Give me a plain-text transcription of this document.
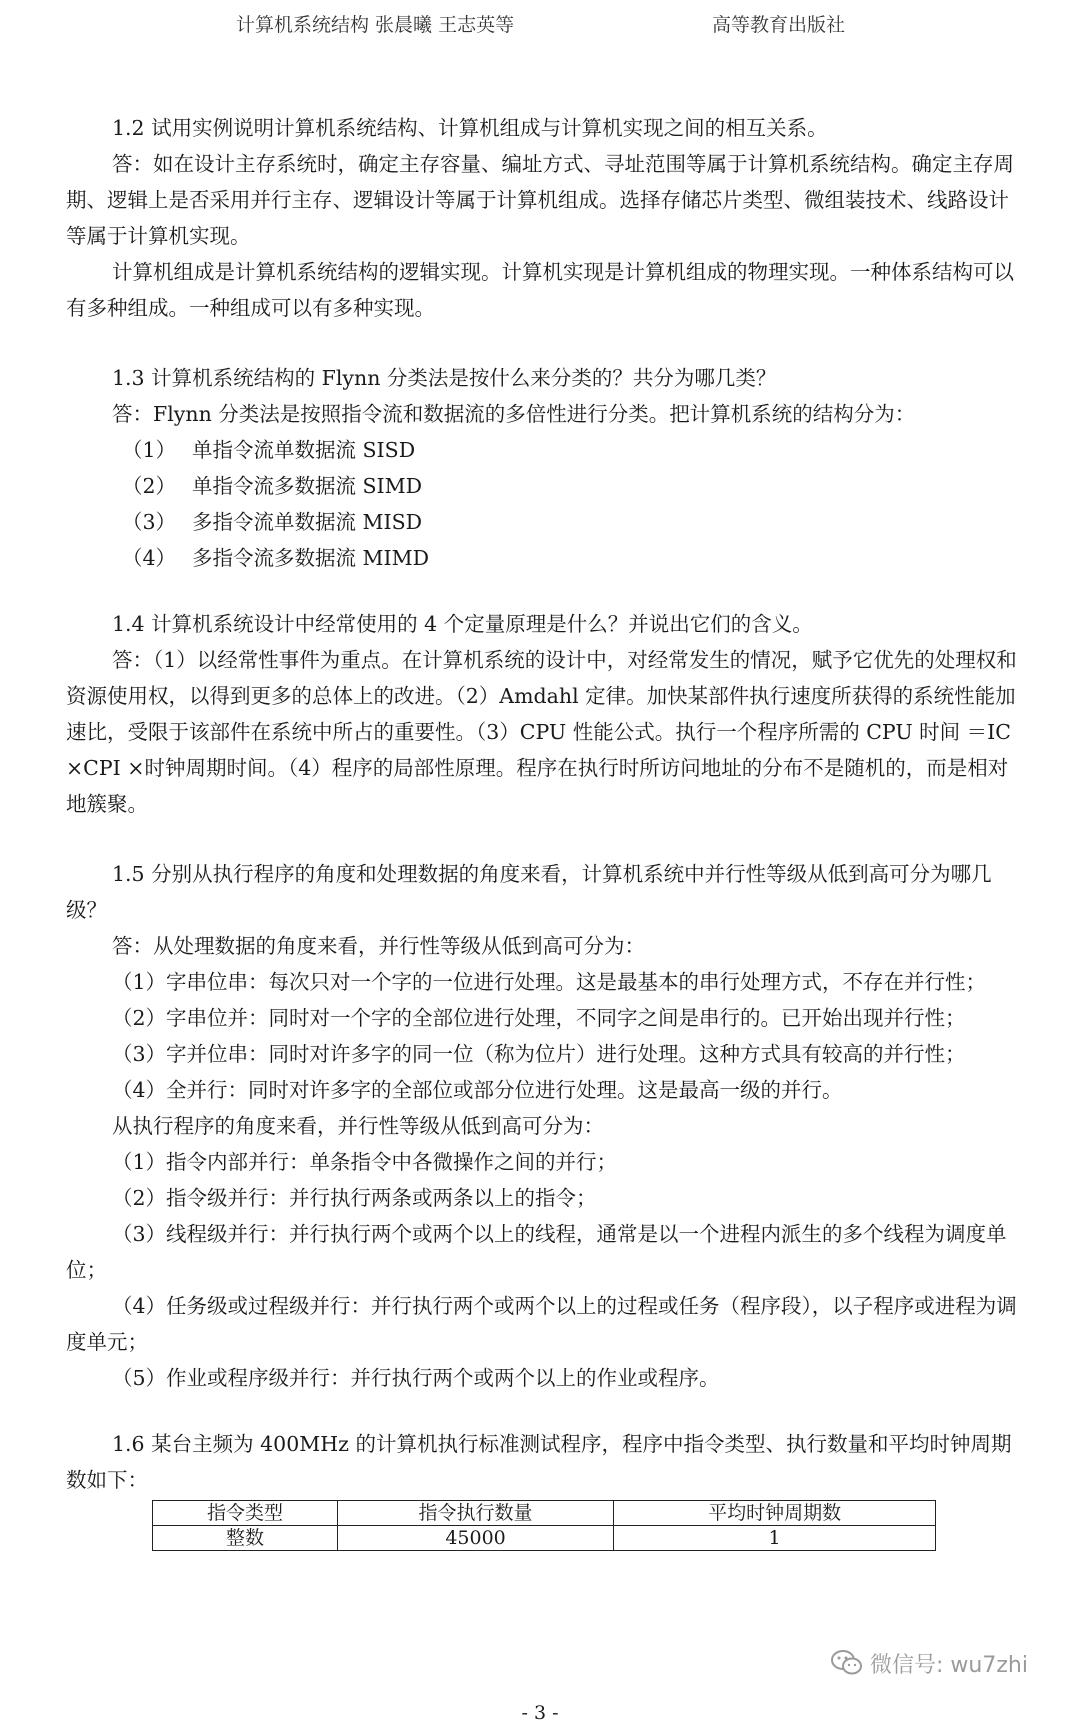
计算机系统结构 张晨曦 王志英等	高等教育出版社

1.2 试用实例说明计算机系统结构、计算机组成与计算机实现之间的相互关系。

答：如在设计主存系统时，确定主存容量、编址方式、寻址范围等属于计算机系统结构。确定主存周期、逻辑上是否采用并行主存、逻辑设计等属于计算机组成。选择存储芯片类型、微组装技术、线路设计等属于计算机实现。

计算机组成是计算机系统结构的逻辑实现。计算机实现是计算机组成的物理实现。一种体系结构可以有多种组成。一种组成可以有多种实现。

1.3 计算机系统结构的 Flynn 分类法是按什么来分类的？共分为哪几类？

答：Flynn 分类法是按照指令流和数据流的多倍性进行分类。把计算机系统的结构分为：

（1） 单指令流单数据流 SISD

（2） 单指令流多数据流 SIMD

（3） 多指令流单数据流 MISD

（4） 多指令流多数据流 MIMD

1.4 计算机系统设计中经常使用的 4 个定量原理是什么？并说出它们的含义。

答：（1）以经常性事件为重点。在计算机系统的设计中，对经常发生的情况，赋予它优先的处理权和资源使用权，以得到更多的总体上的改进。（2）Amdahl 定律。加快某部件执行速度所获得的系统性能加速比，受限于该部件在系统中所占的重要性。（3）CPU 性能公式。执行一个程序所需的 CPU 时间 ＝IC ×CPI ×时钟周期时间。（4）程序的局部性原理。程序在执行时所访问地址的分布不是随机的，而是相对地簇聚。

1.5 分别从执行程序的角度和处理数据的角度来看，计算机系统中并行性等级从低到高可分为哪几级？

答：从处理数据的角度来看，并行性等级从低到高可分为：

（1）字串位串：每次只对一个字的一位进行处理。这是最基本的串行处理方式，不存在并行性；

（2）字串位并：同时对一个字的全部位进行处理，不同字之间是串行的。已开始出现并行性；

（3）字并位串：同时对许多字的同一位（称为位片）进行处理。这种方式具有较高的并行性；

（4）全并行：同时对许多字的全部位或部分位进行处理。这是最高一级的并行。

从执行程序的角度来看，并行性等级从低到高可分为：

（1）指令内部并行：单条指令中各微操作之间的并行；

（2）指令级并行：并行执行两条或两条以上的指令；

（3）线程级并行：并行执行两个或两个以上的线程，通常是以一个进程内派生的多个线程为调度单位；

（4）任务级或过程级并行：并行执行两个或两个以上的过程或任务（程序段），以子程序或进程为调度单元；

（5）作业或程序级并行：并行执行两个或两个以上的作业或程序。

1.6 某台主频为 400MHz 的计算机执行标准测试程序，程序中指令类型、执行数量和平均时钟周期数如下：

指令类型	指令执行数量	平均时钟周期数
整数	45000	1
微信号: wu7zhi
- 3 -
